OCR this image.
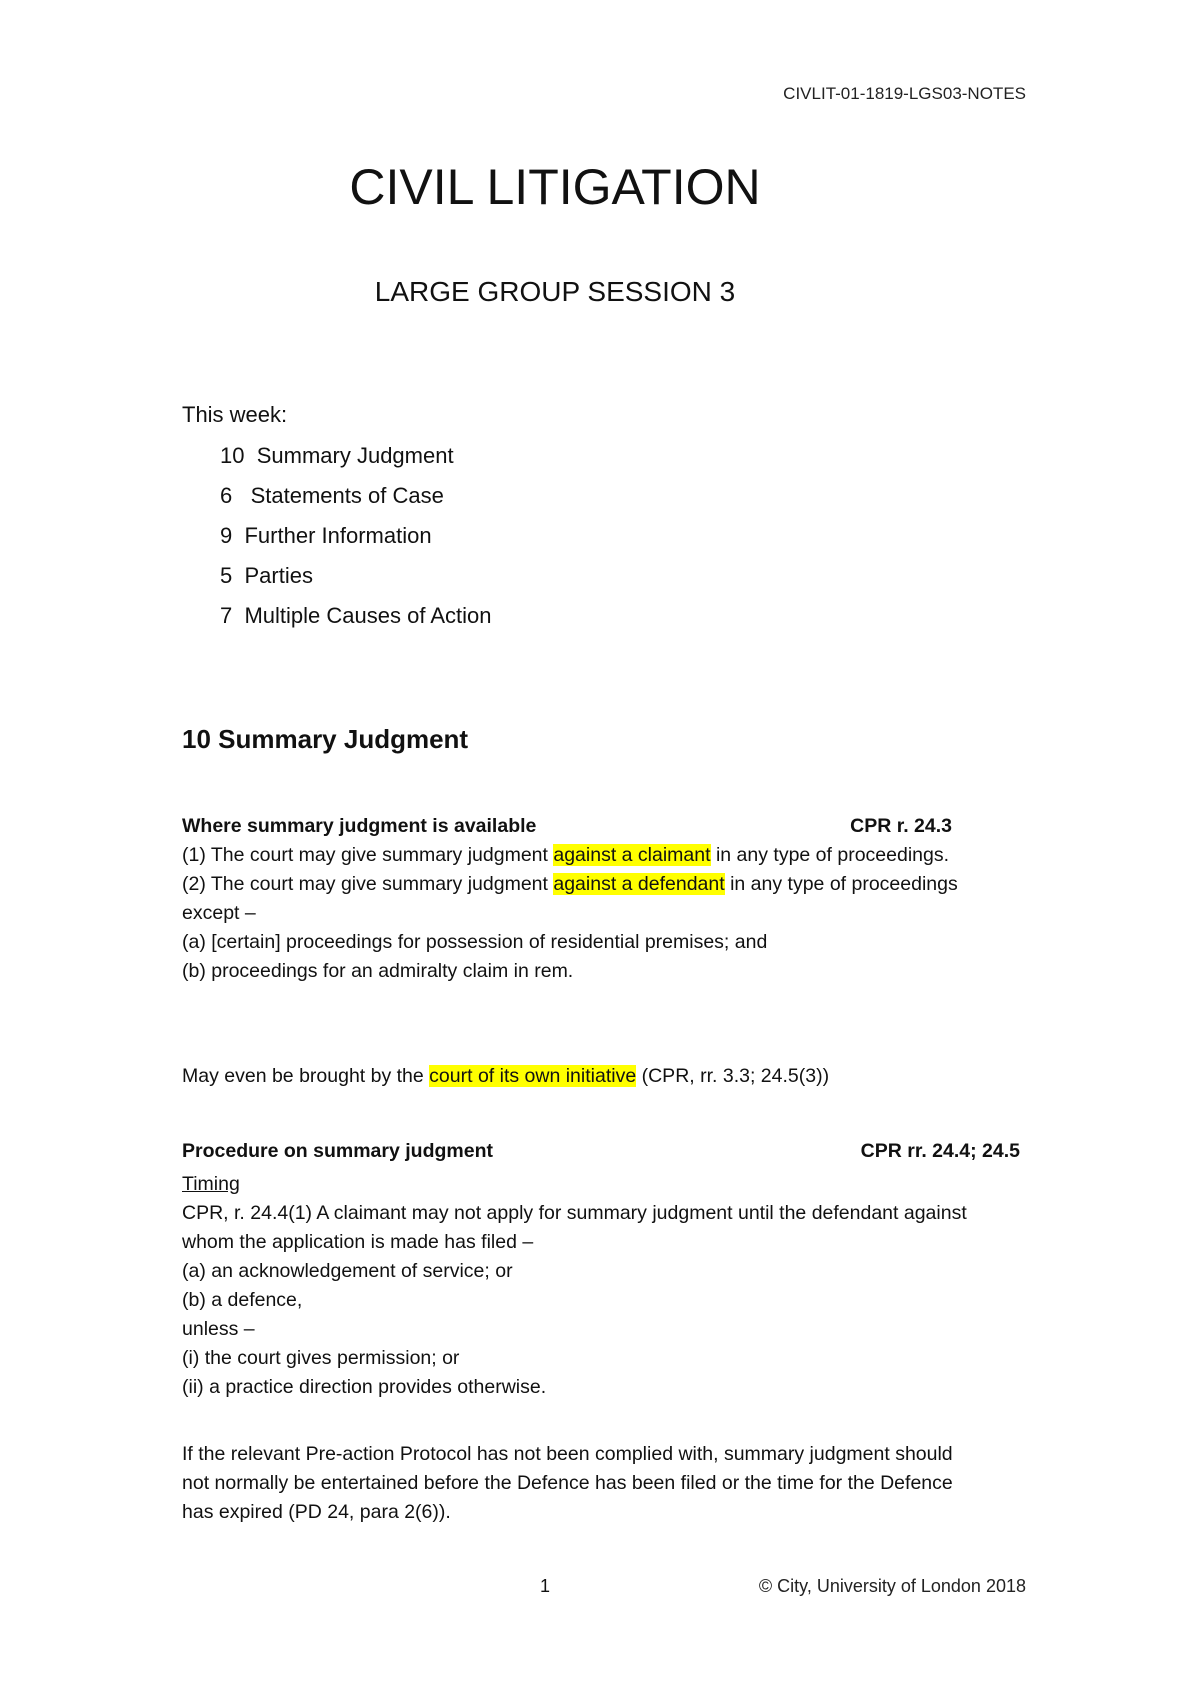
CIVLIT-01-1819-LGS03-NOTES
CIVIL LITIGATION
LARGE GROUP SESSION 3
This week:
10 Summary Judgment
6 Statements of Case
9 Further Information
5 Parties
7 Multiple Causes of Action
10 Summary Judgment
Where summary judgment is available	CPR r. 24.3
(1) The court may give summary judgment against a claimant in any type of proceedings.
(2) The court may give summary judgment against a defendant in any type of proceedings except –
(a) [certain] proceedings for possession of residential premises; and
(b) proceedings for an admiralty claim in rem.
May even be brought by the court of its own initiative (CPR, rr. 3.3; 24.5(3))
Procedure on summary judgment	CPR rr. 24.4; 24.5
Timing
CPR, r. 24.4(1) A claimant may not apply for summary judgment until the defendant against whom the application is made has filed –
(a) an acknowledgement of service; or
(b) a defence,
unless –
(i) the court gives permission; or
(ii) a practice direction provides otherwise.
If the relevant Pre-action Protocol has not been complied with, summary judgment should not normally be entertained before the Defence has been filed or the time for the Defence has expired (PD 24, para 2(6)).
1	© City, University of London 2018
